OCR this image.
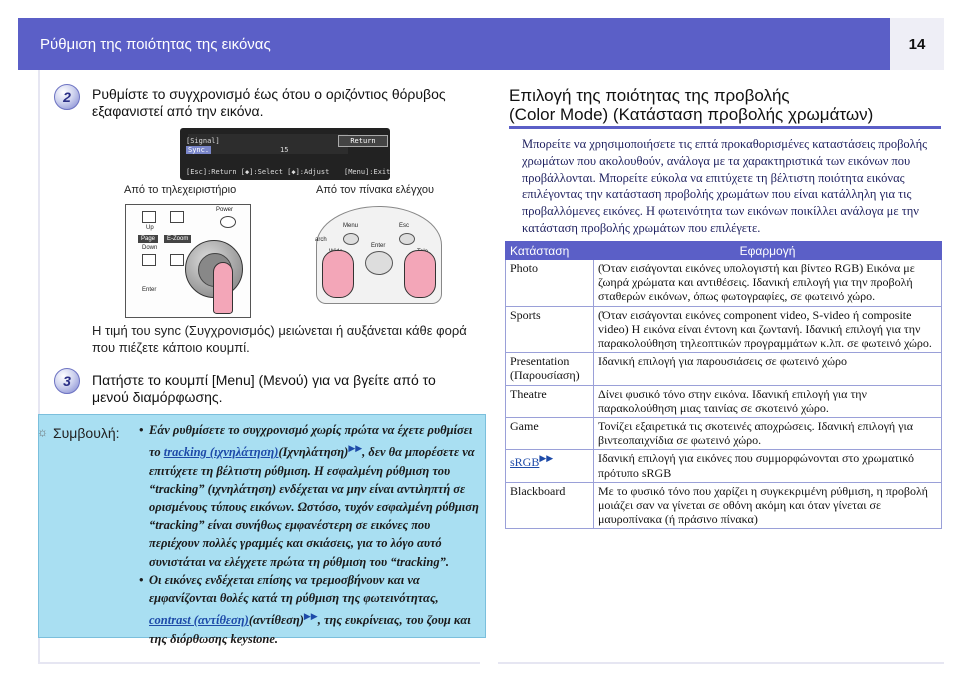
Ρύθμιση της ποιότητας της εικόνας	14
2	Ρυθμίστε το συγχρονισμό έως ότου ο οριζόντιος θόρυβος εξαφανιστεί από την εικόνα.
[Signal]
Sync.	15
[Esc]:Return [◆]:Select [◆]:Adjust [Menu]:Exit
Return
Από το τηλεχειριστήριο	Από τον πίνακα ελέγχου
Power
Up
Page	E-Zoom
Down
Enter
Menu	Esc
Enter
arch
Η τιμή του sync (Συγχρονισμός) μειώνεται ή αυξάνεται κάθε φορά που πιέζετε κάποιο κουμπί.
3	Πατήστε το κουμπί [Menu] (Μενού) για να βγείτε από το μενού διαμόρφωσης.
☼ Συμβουλή: • Εάν ρυθμίσετε το συγχρονισμό χωρίς πρώτα να έχετε ρυθμίσει το tracking (ιχνηλάτηση)(Ιχνηλάτηση)▶▶, δεν θα μπορέσετε να επιτύχετε τη βέλτιστη ρύθμιση. Η εσφαλμένη ρύθμιση του “tracking” (ιχνηλάτηση) ενδέχεται να μην είναι αντιληπτή σε ορισμένους τύπους εικόνων. Ωστόσο, τυχόν εσφαλμένη ρύθμιση “tracking” είναι συνήθως εμφανέστερη σε εικόνες που περιέχουν πολλές γραμμές και σκιάσεις, για το λόγο αυτό συνιστάται να ελέγχετε πρώτα τη ρύθμιση του “tracking”.

• Οι εικόνες ενδέχεται επίσης να τρεμοσβήνουν και να εμφανίζονται θολές κατά τη ρύθμιση της φωτεινότητας, contrast (αντίθεση)(αντίθεση)▶▶, της ευκρίνειας, του ζουμ και της διόρθωσης keystone.

Επιλογή της ποιότητας της προβολής
(Color Mode) (Κατάσταση προβολής χρωμάτων)
Μπορείτε να χρησιμοποιήσετε τις επτά προκαθορισμένες καταστάσεις προβολής χρωμάτων που ακολουθούν, ανάλογα με τα χαρακτηριστικά των εικόνων που προβάλλονται. Μπορείτε εύκολα να επιτύχετε τη βέλτιστη ποιότητα εικόνας επιλέγοντας την κατάσταση προβολής χρωμάτων που είναι κατάλληλη για τις προβαλλόμενες εικόνες. Η φωτεινότητα των εικόνων ποικίλλει ανάλογα με την κατάσταση προβολής χρωμάτων που επιλέγετε.
Κατάσταση	Εφαρμογή
Photo	(Όταν εισάγονται εικόνες υπολογιστή και βίντεο RGB) Εικόνα με ζωηρά χρώματα και αντιθέσεις. Ιδανική επιλογή για την προβολή σταθερών εικόνων, όπως φωτογραφίες, σε φωτεινό χώρο.
Sports	(Όταν εισάγονται εικόνες component video, S-video ή composite video) Η εικόνα είναι έντονη και ζωντανή. Ιδανική επιλογή για την παρακολούθηση τηλεοπτικών προγραμμάτων κ.λπ. σε φωτεινό χώρο.
Presentation (Παρουσίαση)	Ιδανική επιλογή για παρουσιάσεις σε φωτεινό χώρο
Theatre	Δίνει φυσικό τόνο στην εικόνα. Ιδανική επιλογή για την παρακολούθηση μιας ταινίας σε σκοτεινό χώρο.
Game	Τονίζει εξαιρετικά τις σκοτεινές αποχρώσεις. Ιδανική επιλογή για βιντεοπαιχνίδια σε φωτεινό χώρο.
sRGB▶▶	Ιδανική επιλογή για εικόνες που συμμορφώνονται στο χρωματικό πρότυπο sRGB
Blackboard	Με το φυσικό τόνο που χαρίζει η συγκεκριμένη ρύθμιση, η προβολή μοιάζει σαν να γίνεται σε οθόνη ακόμη και όταν γίνεται σε μαυροπίνακα (ή πράσινο πίνακα)
